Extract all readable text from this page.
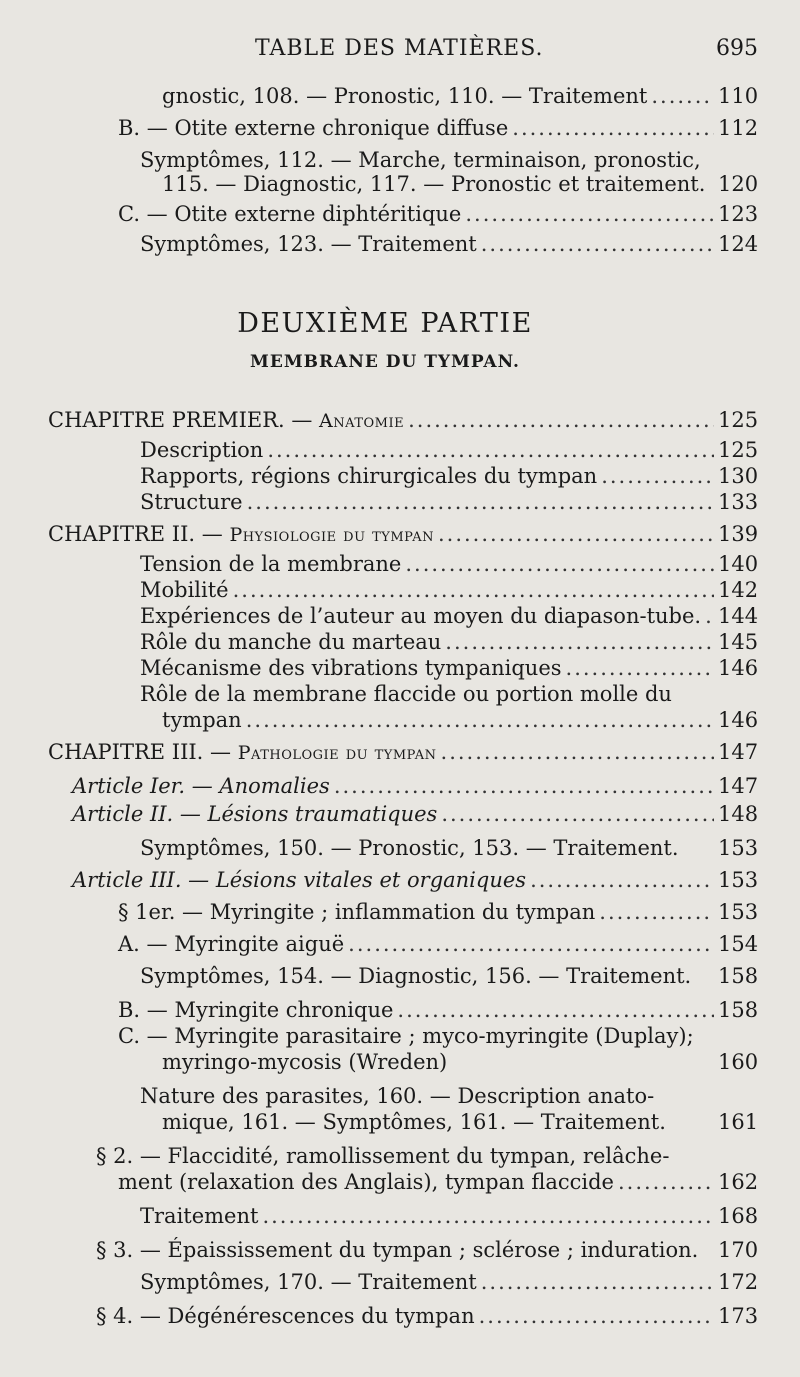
TABLE DES MATIÈRES.	695
gnostic, 108. — Pronostic, 110. — Traitement .....	110
B. — Otite externe chronique diffuse .....	112
Symptômes, 112. — Marche, terminaison, pronostic,
115. — Diagnostic, 117. — Pronostic et traitement. 120
C. — Otite externe diphtéritique .....	123
Symptômes, 123. — Traitement .....	124
DEUXIÈME PARTIE
MEMBRANE DU TYMPAN.
CHAPITRE PREMIER. — Anatomie .....	125
Description .....	125
Rapports, régions chirurgicales du tympan .....	130
Structure .....	133
CHAPITRE II. — Physiologie du tympan .....	139
Tension de la membrane .....	140
Mobilité .....	142
Expériences de l’auteur au moyen du diapason-tube. ..... 144
Rôle du manche du marteau .....	145
Mécanisme des vibrations tympaniques .....	146
Rôle de la membrane flaccide ou portion molle du
tympan .....	146
CHAPITRE III. — Pathologie du tympan .....	147
Article Ier. — Anomalies .....	147
Article II. — Lésions traumatiques .....	148
Symptômes, 150. — Pronostic, 153. — Traitement. 153
Article III. — Lésions vitales et organiques .....	153
§ 1er. — Myringite ; inflammation du tympan .....	153
A. — Myringite aiguë .....	154
Symptômes, 154. — Diagnostic, 156. — Traitement. 158
B. — Myringite chronique .....	158
C. — Myringite parasitaire ; myco-myringite (Duplay);
myringo-mycosis (Wreden)	160
Nature des parasites, 160. — Description anato-
mique, 161. — Symptômes, 161. — Traitement. 161
§ 2. — Flaccidité, ramollissement du tympan, relâche-
ment (relaxation des Anglais), tympan flaccide .....	162
Traitement .....	168
§ 3. — Épaississement du tympan ; sclérose ; induration. 170
Symptômes, 170. — Traitement .....	172
§ 4. — Dégénérescences du tympan .....	173
